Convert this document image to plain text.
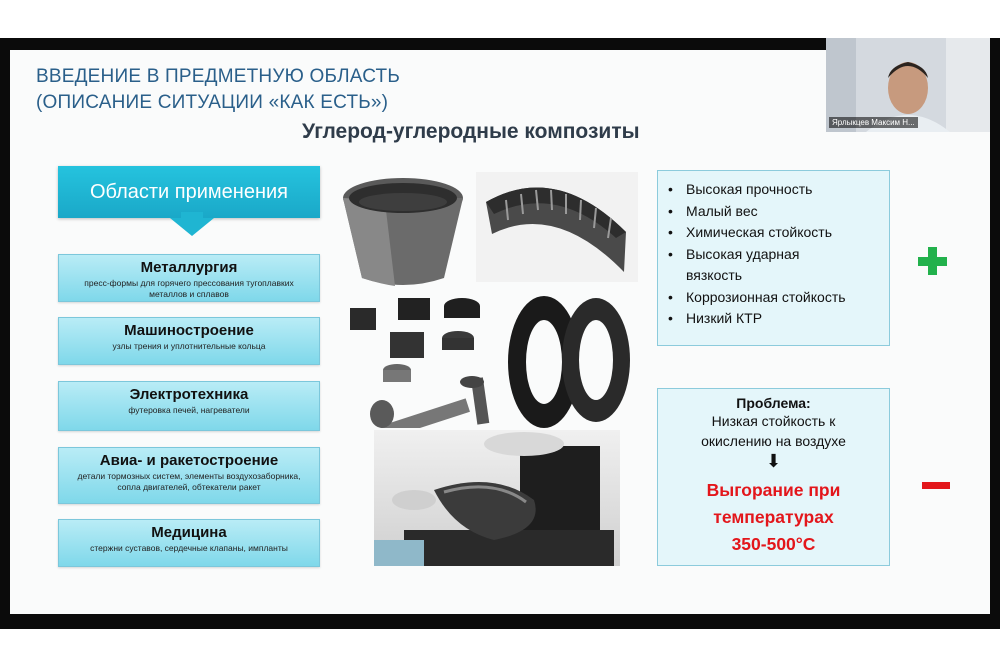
ВВЕДЕНИЕ В ПРЕДМЕТНУЮ ОБЛАСТЬ
(ОПИСАНИЕ СИТУАЦИИ «КАК ЕСТЬ»)
Углерод-углеродные композиты
Области применения
Металлургия
пресс-формы для горячего прессования тугоплавких металлов и сплавов
Машиностроение
узлы трения и уплотнительные кольца
Электротехника
футеровка печей, нагреватели
Авиа- и ракетостроение
детали тормозных систем, элементы воздухозаборника, сопла двигателей, обтекатели ракет
Медицина
стержни суставов, сердечные клапаны, импланты
• Высокая прочность
• Малый вес
• Химическая стойкость
• Высокая ударная
вязкость
• Коррозионная стойкость
• Низкий КТР
Проблема:
Низкая стойкость к
окислению на воздухе
⬇
Выгорание при
температурах
350-500°C
Ярлыкцев Максим Н...
